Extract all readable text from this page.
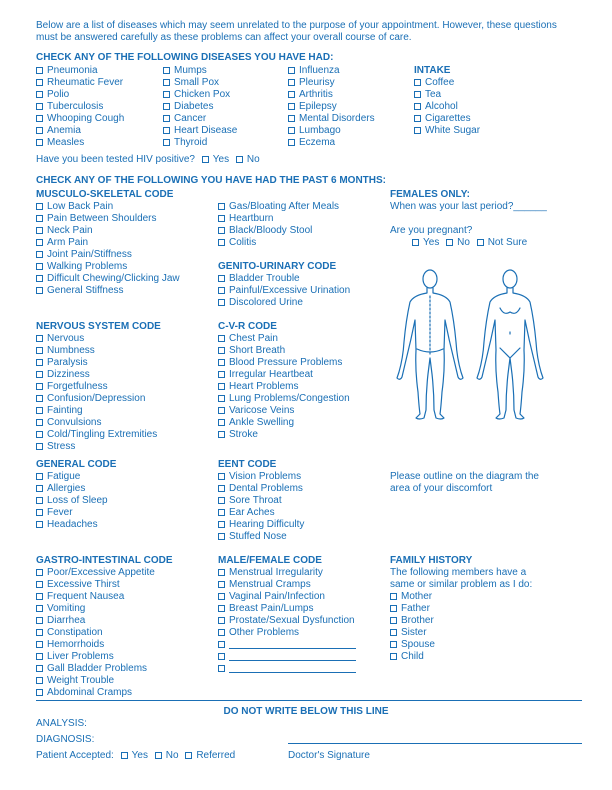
Below are a list of diseases which may seem unrelated to the purpose of your appointment. However, these questions must be answered carefully as these problems can affect your overall course of care.
CHECK ANY OF THE FOLLOWING DISEASES YOU HAVE HAD:
Pneumonia
Rheumatic Fever
Polio
Tuberculosis
Whooping Cough
Anemia
Measles
Mumps
Small Pox
Chicken Pox
Diabetes
Cancer
Heart Disease
Thyroid
Influenza
Pleurisy
Arthritis
Epilepsy
Mental Disorders
Lumbago
Eczema
INTAKE
Coffee
Tea
Alcohol
Cigarettes
White Sugar
Have you been tested HIV positive? Yes No
CHECK ANY OF THE FOLLOWING YOU HAVE HAD THE PAST 6 MONTHS:
MUSCULO-SKELETAL CODE
Low Back Pain
Pain Between Shoulders
Neck Pain
Arm Pain
Joint Pain/Stiffness
Walking Problems
Difficult Chewing/Clicking Jaw
General Stiffness
Gas/Bloating After Meals
Heartburn
Black/Bloody Stool
Colitis
FEMALES ONLY:
When was your last period?______
Are you pregnant?
Yes No Not Sure
GENITO-URINARY CODE
Bladder Trouble
Painful/Excessive Urination
Discolored Urine
NERVOUS SYSTEM CODE
Nervous
Numbness
Paralysis
Dizziness
Forgetfulness
Confusion/Depression
Fainting
Convulsions
Cold/Tingling Extremities
Stress
C-V-R CODE
Chest Pain
Short Breath
Blood Pressure Problems
Irregular Heartbeat
Heart Problems
Lung Problems/Congestion
Varicose Veins
Ankle Swelling
Stroke
GENERAL CODE
Fatigue
Allergies
Loss of Sleep
Fever
Headaches
EENT CODE
Vision Problems
Dental Problems
Sore Throat
Ear Aches
Hearing Difficulty
Stuffed Nose
Please outline on the diagram the area of your discomfort
GASTRO-INTESTINAL CODE
Poor/Excessive Appetite
Excessive Thirst
Frequent Nausea
Vomiting
Diarrhea
Constipation
Hemorrhoids
Liver Problems
Gall Bladder Problems
Weight Trouble
Abdominal Cramps
MALE/FEMALE CODE
Menstrual Irregularity
Menstrual Cramps
Vaginal Pain/Infection
Breast Pain/Lumps
Prostate/Sexual Dysfunction
Other Problems
FAMILY HISTORY
The following members have a same or similar problem as I do:
Mother
Father
Brother
Sister
Spouse
Child
DO NOT WRITE BELOW THIS LINE
ANALYSIS:
DIAGNOSIS:
Patient Accepted: Yes No Referred	Doctor's Signature
